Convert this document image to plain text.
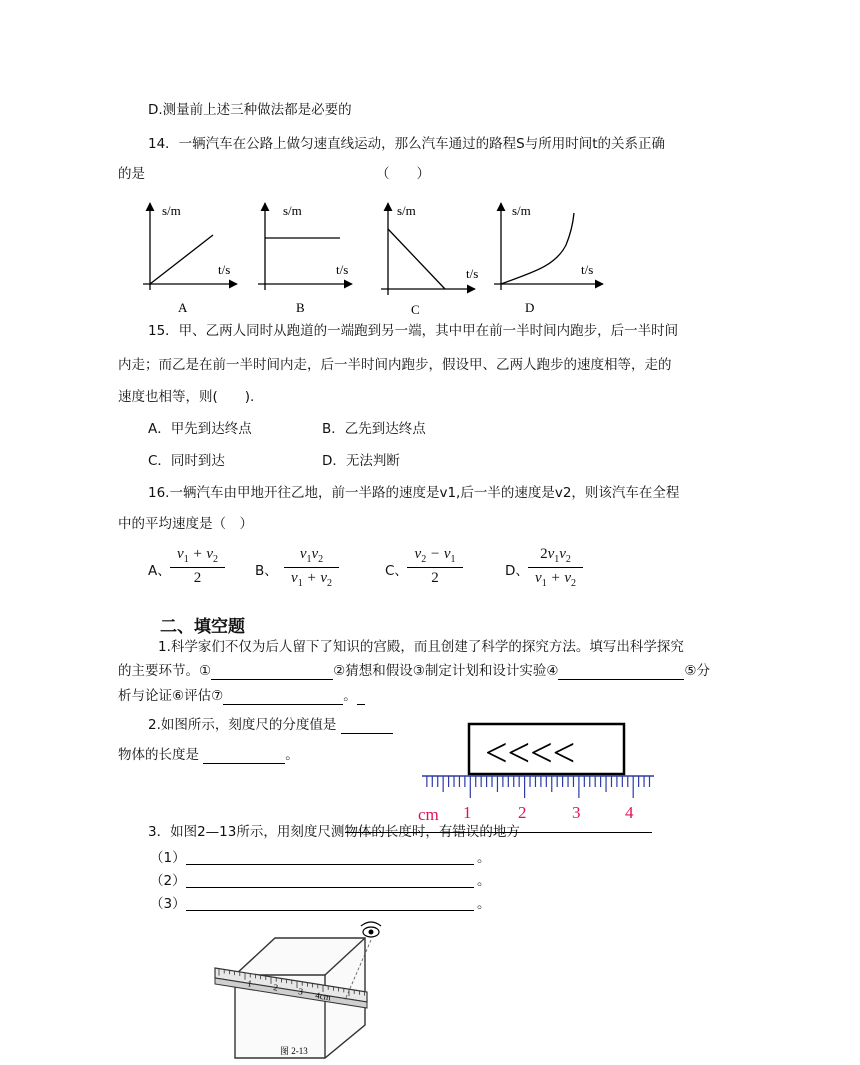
D.测量前上述三种做法都是必要的
14．一辆汽车在公路上做匀速直线运动，那么汽车通过的路程S与所用时间t的关系正确
的是	（　　）
s/m
t/s
A
s/m
t/s
B
s/m
t/s
C
s/m
t/s
D
15．甲、乙两人同时从跑道的一端跑到另一端，其中甲在前一半时间内跑步，后一半时间
内走；而乙是在前一半时间内走，后一半时间内跑步，假设甲、乙两人跑步的速度相等，走的
速度也相等，则(　　).
A．甲先到达终点	B．乙先到达终点
C．同时到达	D．无法判断
16.一辆汽车由甲地开往乙地，前一半路的速度是v1,后一半的速度是v2，则该汽车在全程
中的平均速度是（　）
A、 $\frac{v_1 + v_2}{2}$ B、 $\frac{v_1v_2}{v_1 + v_2}$	C、 $\frac{v_2 - v_1}{2}$	D、 $\frac{2v_1v_2}{v_1 + v_2}$
二、填空题
1.科学家们不仅为后人留下了知识的宫殿，而且创建了科学的探究方法。填写出科学探究
的主要环节。①	②猜想和假设③制定计划和设计实验④	⑤分
析与论证⑥评估⑦	。
2.如图所示，刻度尺的分度值是
物体的长度是	。	<<<<
cm 1	2	3	4
3．如图2—13所示，用刻度尺测物体的长度时，有错误的地方
（1）	。
（2）	。
（3）	。
1 2 3 4cm
图 2-13
